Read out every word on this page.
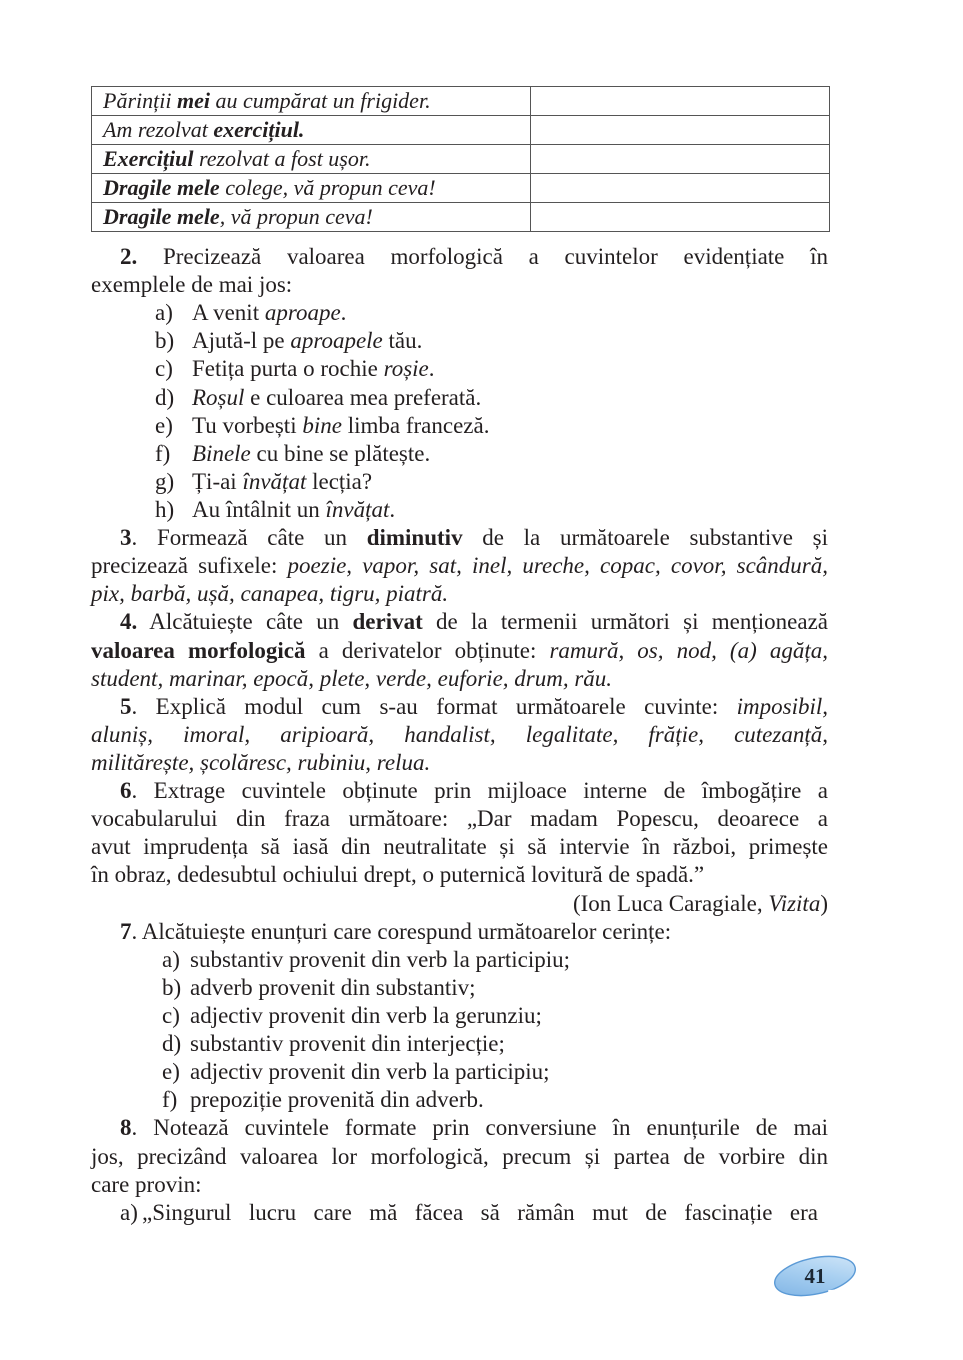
Părinții mei au cumpărat un frigider.	
Am rezolvat exercițiul.	
Exercițiul rezolvat a fost ușor.	
Dragile mele colege, vă propun ceva!	
Dragile mele, vă propun ceva!	
2. Precizează valoarea morfologică a cuvintelor evidențiate în
exemplele de mai jos:
a) A venit aproape.
b) Ajută-l pe aproapele tău.
c) Fetița purta o rochie roșie.
d) Roșul e culoarea mea preferată.
e) Tu vorbești bine limba franceză.
f) Binele cu bine se plătește.
g) Ți-ai învățat lecția?
h) Au întâlnit un învățat.
3. Formează câte un diminutiv de la următoarele substantive și
precizează sufixele: poezie, vapor, sat, inel, ureche, copac, covor, scândură,
pix, barbă, ușă, canapea, tigru, piatră.
4. Alcătuiește câte un derivat de la termenii următori și menționează
valoarea morfologică a derivatelor obținute: ramură, os, nod, (a) agăța,
student, marinar, epocă, plete, verde, euforie, drum, rău.
5. Explică modul cum s-au format următoarele cuvinte: imposibil,
aluniș, imoral, aripioară, handalist, legalitate, frăție, cutezanță,
militărește, școlăresc, rubiniu, relua.
6. Extrage cuvintele obținute prin mijloace interne de îmbogățire a
vocabularului din fraza următoare: „Dar madam Popescu, deoarece a
avut imprudența să iasă din neutralitate și să intervie în război, primește
în obraz, dedesubtul ochiului drept, o puternică lovitură de spadă.”
(Ion Luca Caragiale, Vizita)
7. Alcătuiește enunțuri care corespund următoarelor cerințe:
a) substantiv provenit din verb la participiu;
b) adverb provenit din substantiv;
c) adjectiv provenit din verb la gerunziu;
d) substantiv provenit din interjecție;
e) adjectiv provenit din verb la participiu;
f) prepoziție provenită din adverb.
8. Notează cuvintele formate prin conversiune în enunțurile de mai
jos, precizând valoarea lor morfologică, precum și partea de vorbire din
care provin:
a) „Singurul lucru care mă făcea să rămân mut de fascinație era
41
